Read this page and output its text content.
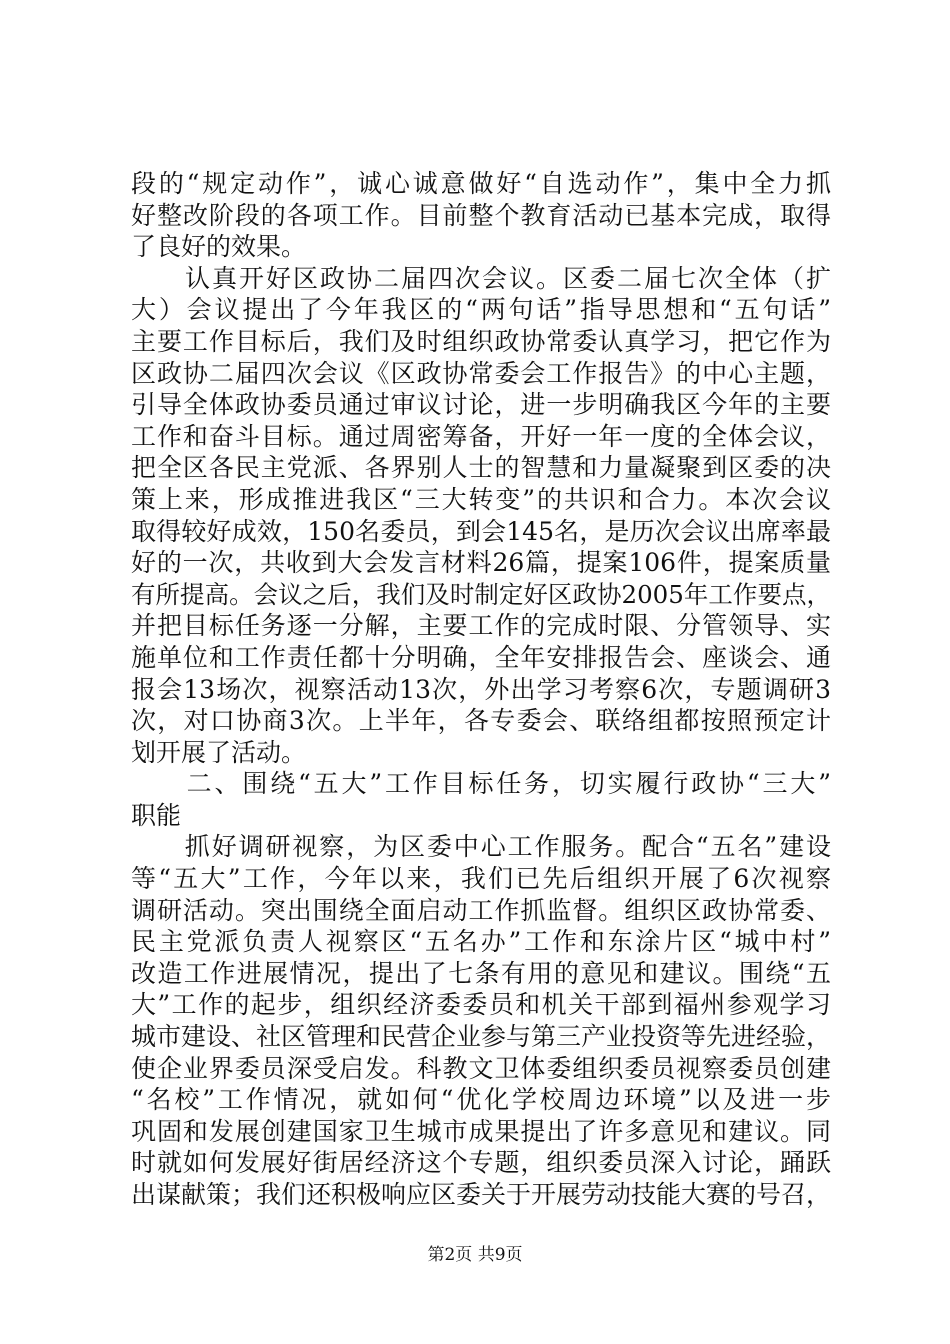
段的“规定动作”，诚心诚意做好“自选动作”，集中全力抓
好整改阶段的各项工作。目前整个教育活动已基本完成，取得
了良好的效果。
　　认真开好区政协二届四次会议。区委二届七次全体（扩
大）会议提出了今年我区的“两句话”指导思想和“五句话”
主要工作目标后，我们及时组织政协常委认真学习，把它作为
区政协二届四次会议《区政协常委会工作报告》的中心主题，
引导全体政协委员通过审议讨论，进一步明确我区今年的主要
工作和奋斗目标。通过周密筹备，开好一年一度的全体会议，
把全区各民主党派、各界别人士的智慧和力量凝聚到区委的决
策上来，形成推进我区“三大转变”的共识和合力。本次会议
取得较好成效，150名委员，到会145名，是历次会议出席率最
好的一次，共收到大会发言材料26篇，提案106件，提案质量
有所提高。会议之后，我们及时制定好区政协2005年工作要点，
并把目标任务逐一分解，主要工作的完成时限、分管领导、实
施单位和工作责任都十分明确，全年安排报告会、座谈会、通
报会13场次，视察活动13次，外出学习考察6次，专题调研3
次，对口协商3次。上半年，各专委会、联络组都按照预定计
划开展了活动。
　　二、围绕“五大”工作目标任务，切实履行政协“三大”
职能
　　抓好调研视察，为区委中心工作服务。配合“五名”建设
等“五大”工作，今年以来，我们已先后组织开展了6次视察
调研活动。突出围绕全面启动工作抓监督。组织区政协常委、
民主党派负责人视察区“五名办”工作和东涂片区“城中村”
改造工作进展情况，提出了七条有用的意见和建议。围绕“五
大”工作的起步，组织经济委委员和机关干部到福州参观学习
城市建设、社区管理和民营企业参与第三产业投资等先进经验，
使企业界委员深受启发。科教文卫体委组织委员视察委员创建
“名校”工作情况，就如何“优化学校周边环境”以及进一步
巩固和发展创建国家卫生城市成果提出了许多意见和建议。同
时就如何发展好街居经济这个专题，组织委员深入讨论，踊跃
出谋献策；我们还积极响应区委关于开展劳动技能大赛的号召，
第2页 共9页
